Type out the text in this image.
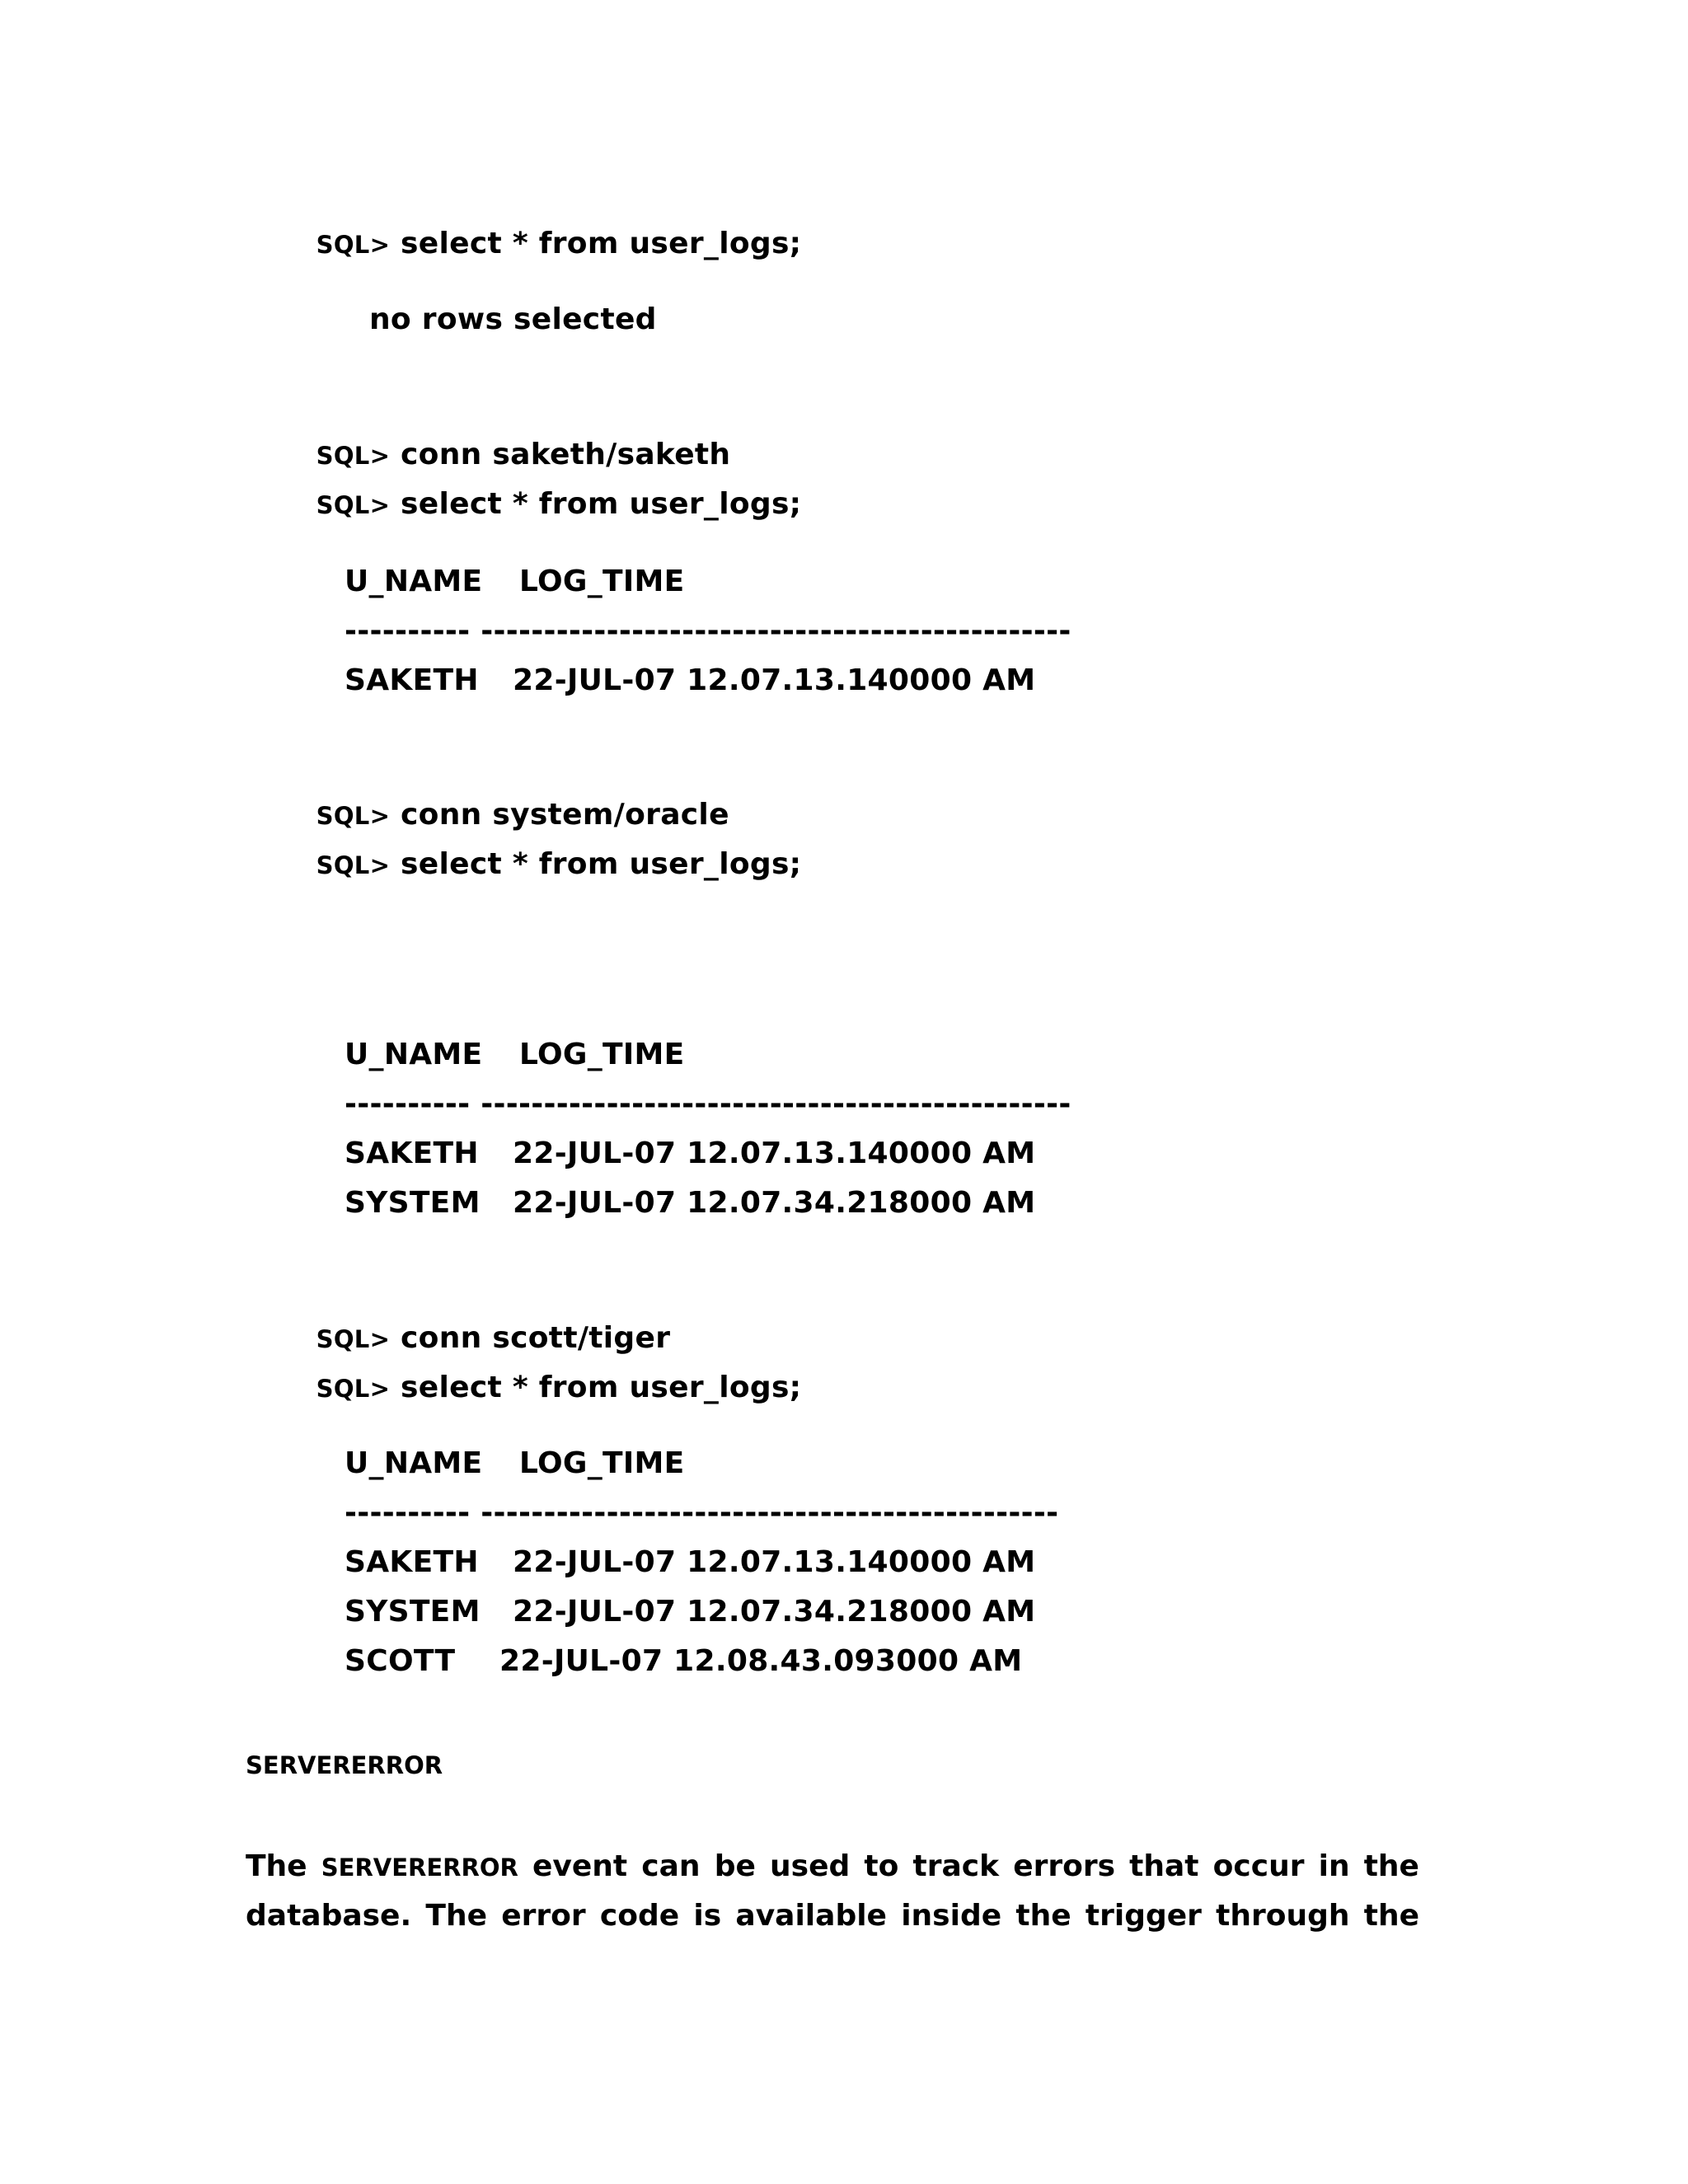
SQL> select * from user_logs;

no rows selected

SQL> conn saketh/saketh

SQL> select * from user_logs;

U_NAME LOG_TIME
---------- -----------------------------------------------
SAKETH 22-JUL-07 12.07.13.140000 AM

SQL> conn system/oracle

SQL> select * from user_logs;

U_NAME LOG_TIME
---------- -----------------------------------------------
SAKETH 22-JUL-07 12.07.13.140000 AM
SYSTEM 22-JUL-07 12.07.34.218000 AM

SQL> conn scott/tiger

SQL> select * from user_logs;

U_NAME LOG_TIME
---------- ----------------------------------------------
SAKETH 22-JUL-07 12.07.13.140000 AM
SYSTEM 22-JUL-07 12.07.34.218000 AM
SCOTT 22-JUL-07 12.08.43.093000 AM
SERVERERROR
The SERVERERROR event can be used to track errors that occur in the
database. The error code is available inside the trigger through the
